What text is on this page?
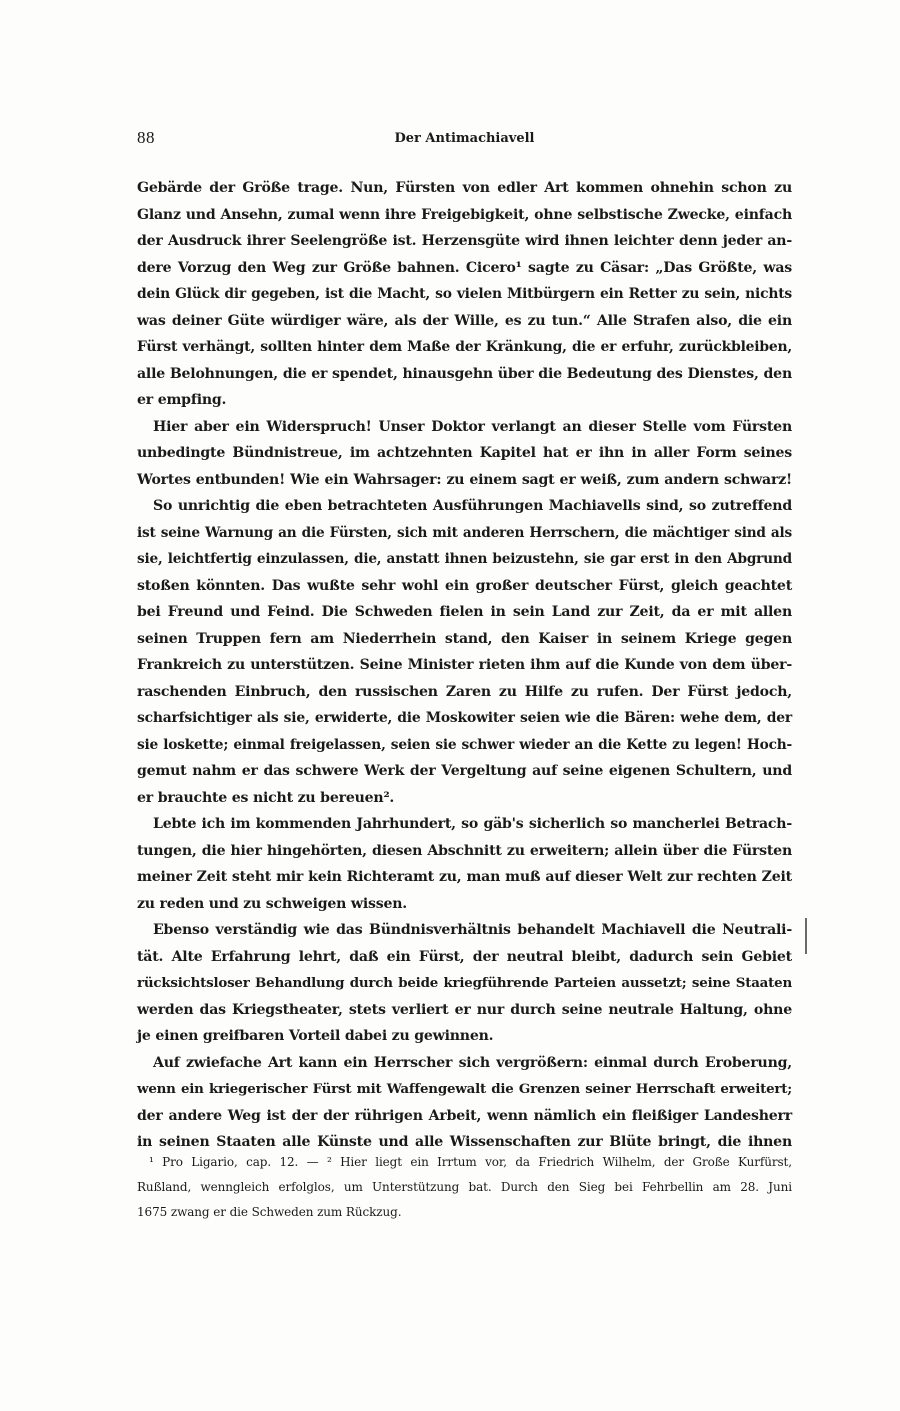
88	Der Antimachiavell
Gebärde der Größe trage. Nun, Fürsten von edler Art kommen ohnehin schon zu
Glanz und Ansehn, zumal wenn ihre Freigebigkeit, ohne selbstische Zwecke, einfach
der Ausdruck ihrer Seelengröße ist. Herzensgüte wird ihnen leichter denn jeder an-
dere Vorzug den Weg zur Größe bahnen. Cicero¹ sagte zu Cäsar: „Das Größte, was
dein Glück dir gegeben, ist die Macht, so vielen Mitbürgern ein Retter zu sein, nichts
was deiner Güte würdiger wäre, als der Wille, es zu tun.“ Alle Strafen also, die ein
Fürst verhängt, sollten hinter dem Maße der Kränkung, die er erfuhr, zurückbleiben,
alle Belohnungen, die er spendet, hinausgehn über die Bedeutung des Dienstes, den
er empfing.
Hier aber ein Widerspruch! Unser Doktor verlangt an dieser Stelle vom Fürsten
unbedingte Bündnistreue, im achtzehnten Kapitel hat er ihn in aller Form seines
Wortes entbunden! Wie ein Wahrsager: zu einem sagt er weiß, zum andern schwarz!
So unrichtig die eben betrachteten Ausführungen Machiavells sind, so zutreffend
ist seine Warnung an die Fürsten, sich mit anderen Herrschern, die mächtiger sind als
sie, leichtfertig einzulassen, die, anstatt ihnen beizustehn, sie gar erst in den Abgrund
stoßen könnten. Das wußte sehr wohl ein großer deutscher Fürst, gleich geachtet
bei Freund und Feind. Die Schweden fielen in sein Land zur Zeit, da er mit allen
seinen Truppen fern am Niederrhein stand, den Kaiser in seinem Kriege gegen
Frankreich zu unterstützen. Seine Minister rieten ihm auf die Kunde von dem über-
raschenden Einbruch, den russischen Zaren zu Hilfe zu rufen. Der Fürst jedoch,
scharfsichtiger als sie, erwiderte, die Moskowiter seien wie die Bären: wehe dem, der
sie loskette; einmal freigelassen, seien sie schwer wieder an die Kette zu legen! Hoch-
gemut nahm er das schwere Werk der Vergeltung auf seine eigenen Schultern, und
er brauchte es nicht zu bereuen².
Lebte ich im kommenden Jahrhundert, so gäb's sicherlich so mancherlei Betrach-
tungen, die hier hingehörten, diesen Abschnitt zu erweitern; allein über die Fürsten
meiner Zeit steht mir kein Richteramt zu, man muß auf dieser Welt zur rechten Zeit
zu reden und zu schweigen wissen.
Ebenso verständig wie das Bündnisverhältnis behandelt Machiavell die Neutrali-
tät. Alte Erfahrung lehrt, daß ein Fürst, der neutral bleibt, dadurch sein Gebiet
rücksichtsloser Behandlung durch beide kriegführende Parteien aussetzt; seine Staaten
werden das Kriegstheater, stets verliert er nur durch seine neutrale Haltung, ohne
je einen greifbaren Vorteil dabei zu gewinnen.
Auf zwiefache Art kann ein Herrscher sich vergrößern: einmal durch Eroberung,
wenn ein kriegerischer Fürst mit Waffengewalt die Grenzen seiner Herrschaft erweitert;
der andere Weg ist der der rührigen Arbeit, wenn nämlich ein fleißiger Landesherr
in seinen Staaten alle Künste und alle Wissenschaften zur Blüte bringt, die ihnen
¹ Pro Ligario, cap. 12. — ² Hier liegt ein Irrtum vor, da Friedrich Wilhelm, der Große Kurfürst,
Rußland, wenngleich erfolglos, um Unterstützung bat. Durch den Sieg bei Fehrbellin am 28. Juni
1675 zwang er die Schweden zum Rückzug.
